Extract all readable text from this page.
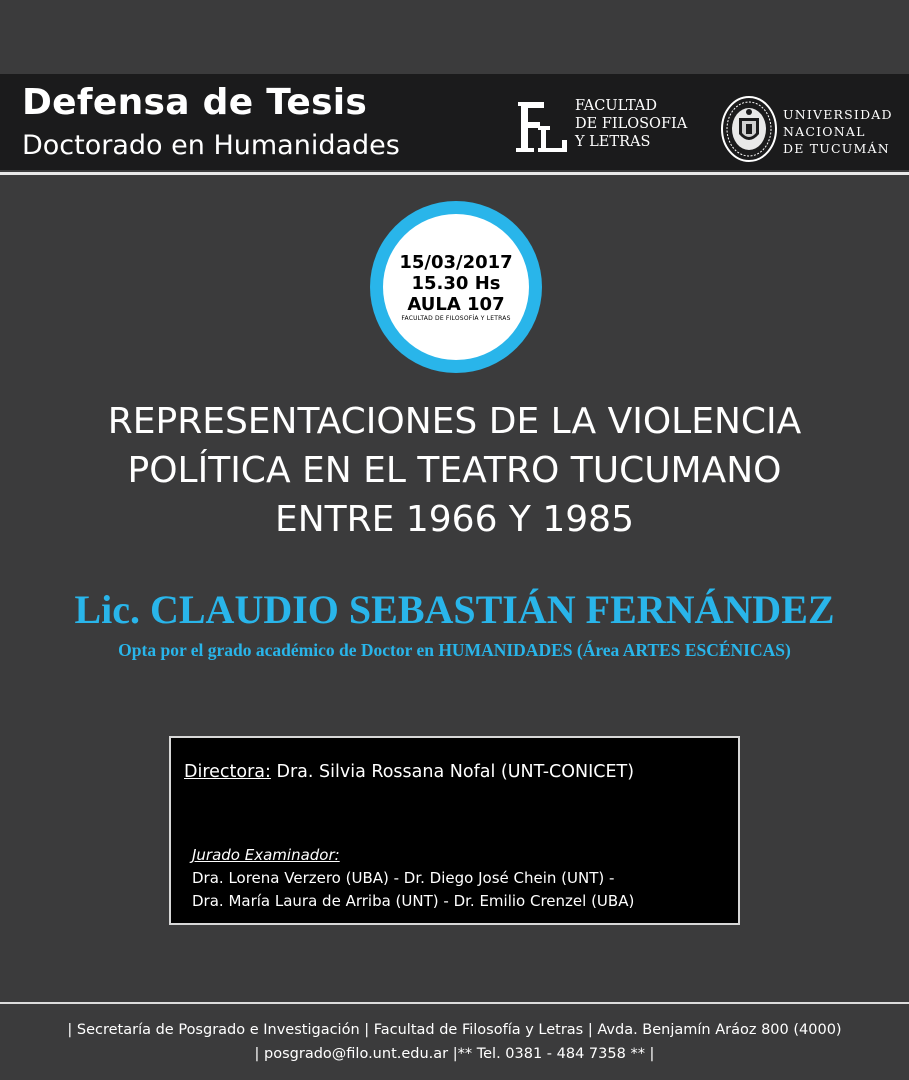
Defensa de Tesis
Doctorado en Humanidades
FACULTAD
DE FILOSOFIA
Y LETRAS
UNIVERSIDAD
NACIONAL
DE TUCUMÁN
15/03/2017
15.30 Hs
AULA 107
FACULTAD DE FILOSOFÍA Y LETRAS
REPRESENTACIONES DE LA VIOLENCIA
POLÍTICA EN EL TEATRO TUCUMANO
ENTRE 1966 Y 1985
Lic. CLAUDIO SEBASTIÁN FERNÁNDEZ
Opta por el grado académico de Doctor en HUMANIDADES (Área ARTES ESCÉNICAS)
Directora: Dra. Silvia Rossana Nofal (UNT-CONICET)
Jurado Examinador:
Dra. Lorena Verzero (UBA) - Dr. Diego José Chein (UNT) -
Dra. María Laura de Arriba (UNT) - Dr. Emilio Crenzel (UBA)
| Secretaría de Posgrado e Investigación | Facultad de Filosofía y Letras | Avda. Benjamín Aráoz 800 (4000)
| posgrado@filo.unt.edu.ar |** Tel. 0381 - 484 7358 ** |
